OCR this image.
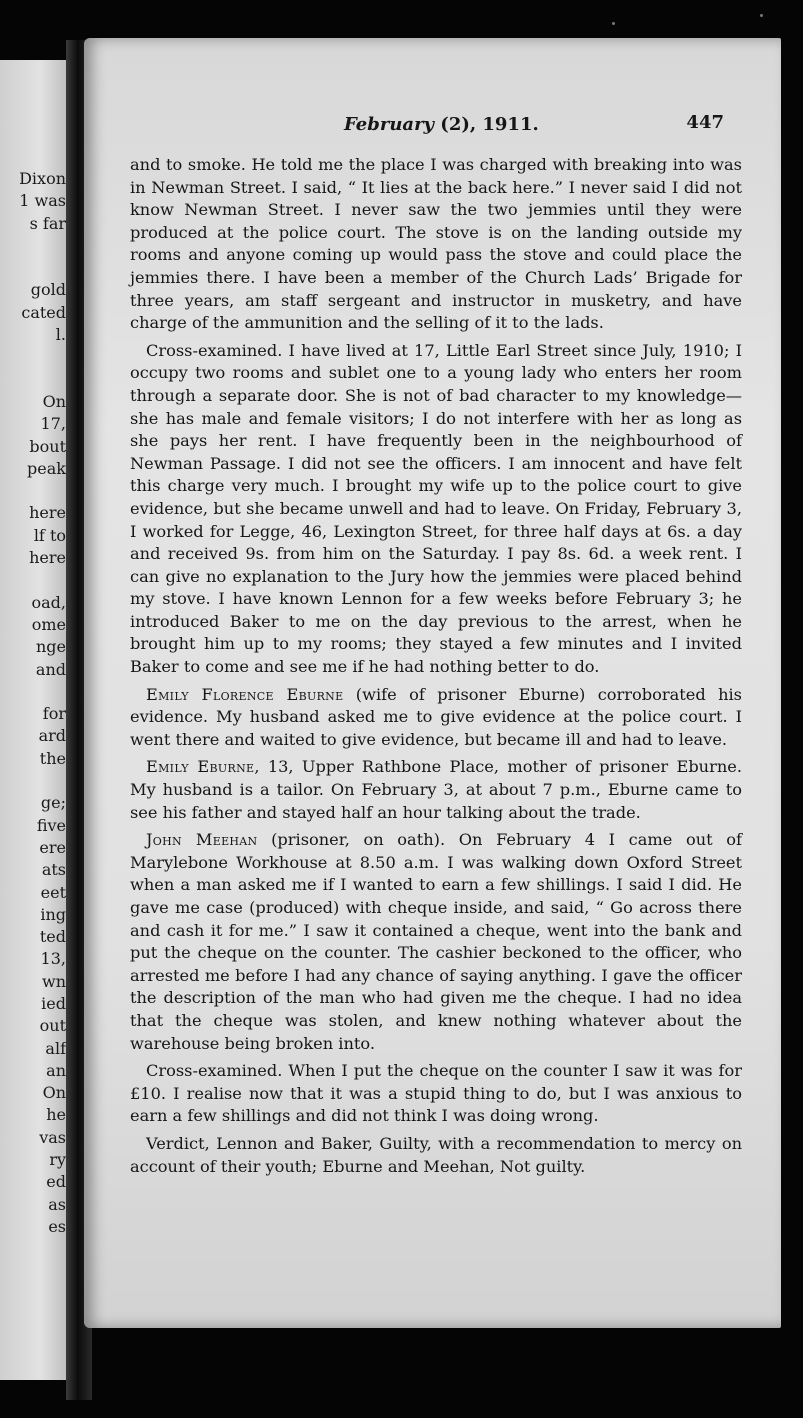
Dixon
1 was
s far
gold
cated
l.
On
17,
bout
peak
here
lf to
here
oad,
ome
nge
and
for
ard
the
ge;
five
ere
ats
eet
ing
ted
13,
wn
ied
out
alf
an
On
he
vas
ry
ed
as
es
February (2), 1911.	447

and to smoke. He told me the place I was charged with breaking into was in Newman Street. I said, “ It lies at the back here.” I never said I did not know Newman Street. I never saw the two jemmies until they were produced at the police court. The stove is on the landing outside my rooms and anyone coming up would pass the stove and could place the jemmies there. I have been a member of the Church Lads’ Brigade for three years, am staff sergeant and instructor in musketry, and have charge of the ammunition and the selling of it to the lads.

Cross-examined. I have lived at 17, Little Earl Street since July, 1910; I occupy two rooms and sublet one to a young lady who enters her room through a separate door. She is not of bad character to my knowledge—she has male and female visitors; I do not interfere with her as long as she pays her rent. I have frequently been in the neighbourhood of Newman Passage. I did not see the officers. I am innocent and have felt this charge very much. I brought my wife up to the police court to give evidence, but she became unwell and had to leave. On Friday, February 3, I worked for Legge, 46, Lexington Street, for three half days at 6s. a day and received 9s. from him on the Saturday. I pay 8s. 6d. a week rent. I can give no explanation to the Jury how the jemmies were placed behind my stove. I have known Lennon for a few weeks before February 3; he introduced Baker to me on the day previous to the arrest, when he brought him up to my rooms; they stayed a few minutes and I invited Baker to come and see me if he had nothing better to do.

Emily Florence Eburne (wife of prisoner Eburne) corroborated his evidence. My husband asked me to give evidence at the police court. I went there and waited to give evidence, but became ill and had to leave.

Emily Eburne, 13, Upper Rathbone Place, mother of prisoner Eburne. My husband is a tailor. On February 3, at about 7 p.m., Eburne came to see his father and stayed half an hour talking about the trade.

John Meehan (prisoner, on oath). On February 4 I came out of Marylebone Workhouse at 8.50 a.m. I was walking down Oxford Street when a man asked me if I wanted to earn a few shillings. I said I did. He gave me case (produced) with cheque inside, and said, “ Go across there and cash it for me.” I saw it contained a cheque, went into the bank and put the cheque on the counter. The cashier beckoned to the officer, who arrested me before I had any chance of saying anything. I gave the officer the description of the man who had given me the cheque. I had no idea that the cheque was stolen, and knew nothing whatever about the warehouse being broken into.

Cross-examined. When I put the cheque on the counter I saw it was for £10. I realise now that it was a stupid thing to do, but I was anxious to earn a few shillings and did not think I was doing wrong.

Verdict, Lennon and Baker, Guilty, with a recommendation to mercy on account of their youth; Eburne and Meehan, Not guilty.
